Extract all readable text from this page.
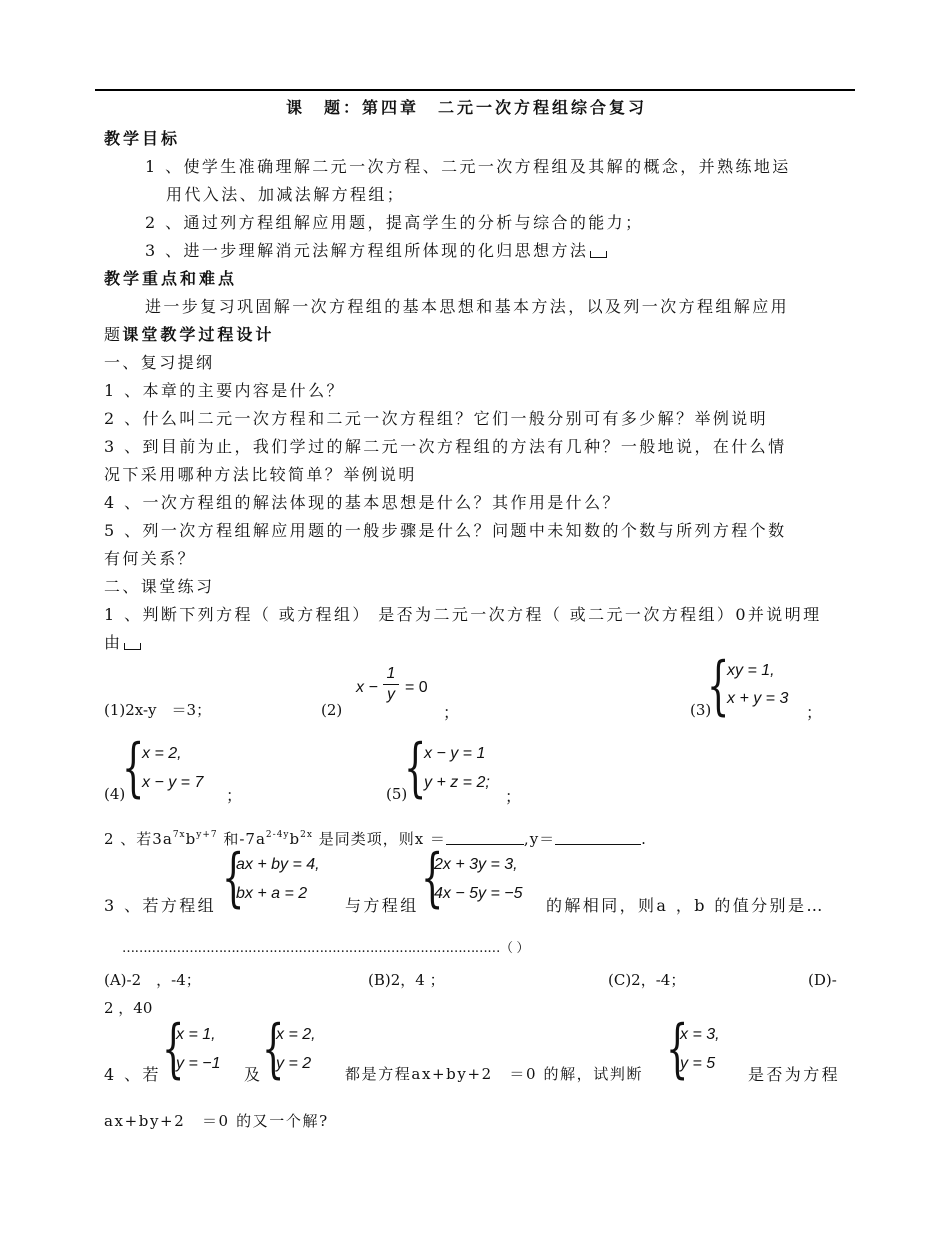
课　题：第四章　二元一次方程组综合复习
教学目标
1 、使学生准确理解二元一次方程、二元一次方程组及其解的概念，并熟练地运
用代入法、加减法解方程组；
2 、通过列方程组解应用题，提高学生的分析与综合的能力；
3 、进一步理解消元法解方程组所体现的化归思想方法
教学重点和难点
进一步复习巩固解一次方程组的基本思想和基本方法，以及列一次方程组解应用
题课堂教学过程设计
一、复习提纲
1 、本章的主要内容是什么？
2 、什么叫二元一次方程和二元一次方程组？它们一般分别可有多少解？举例说明
3 、到目前为止，我们学过的解二元一次方程组的方法有几种？一般地说，在什么情
况下采用哪种方法比较简单？举例说明
4 、一次方程组的解法体现的基本思想是什么？其作用是什么？
5 、列一次方程组解应用题的一般步骤是什么？问题中未知数的个数与所列方程个数
有何关系？
二、课堂练习
1 、判断下列方程（ 或方程组） 是否为二元一次方程（ 或二元一次方程组）0并说明理
由
(1)2x-y　＝3；	(2)
x −
1
y = 0
；	(3)
{
xy = 1,
x + y = 3
；
(4)
{
x = 2,
x − y = 7
；	(5)
{
x − y = 1
y + z = 2;
；
2 、若$3a^{7x}b^{y+7}$ 和$-7a^{2-4y}b^{2x}$ 是同类项，则x ＝	,y＝	.
3 、若方程组 {
ax + by = 4,
bx + a = 2
与方程组 {
2x + 3y = 3,
4x − 5y = −5
的解相同，则a ，b 的值分别是…
………………………………………………………………………………（ ）
(A)-2　，-4；	(B)2，4 ；	(C)2，-4；	(D)-
2 ，40
4 、若 {
x = 1,
y = −1
及 {
x = 2,
y = 2
都是方程ax+by+2　＝0 的解，试判断 {
x = 3,
y = 5
是否为方程
ax+by+2　＝0 的又一个解?
